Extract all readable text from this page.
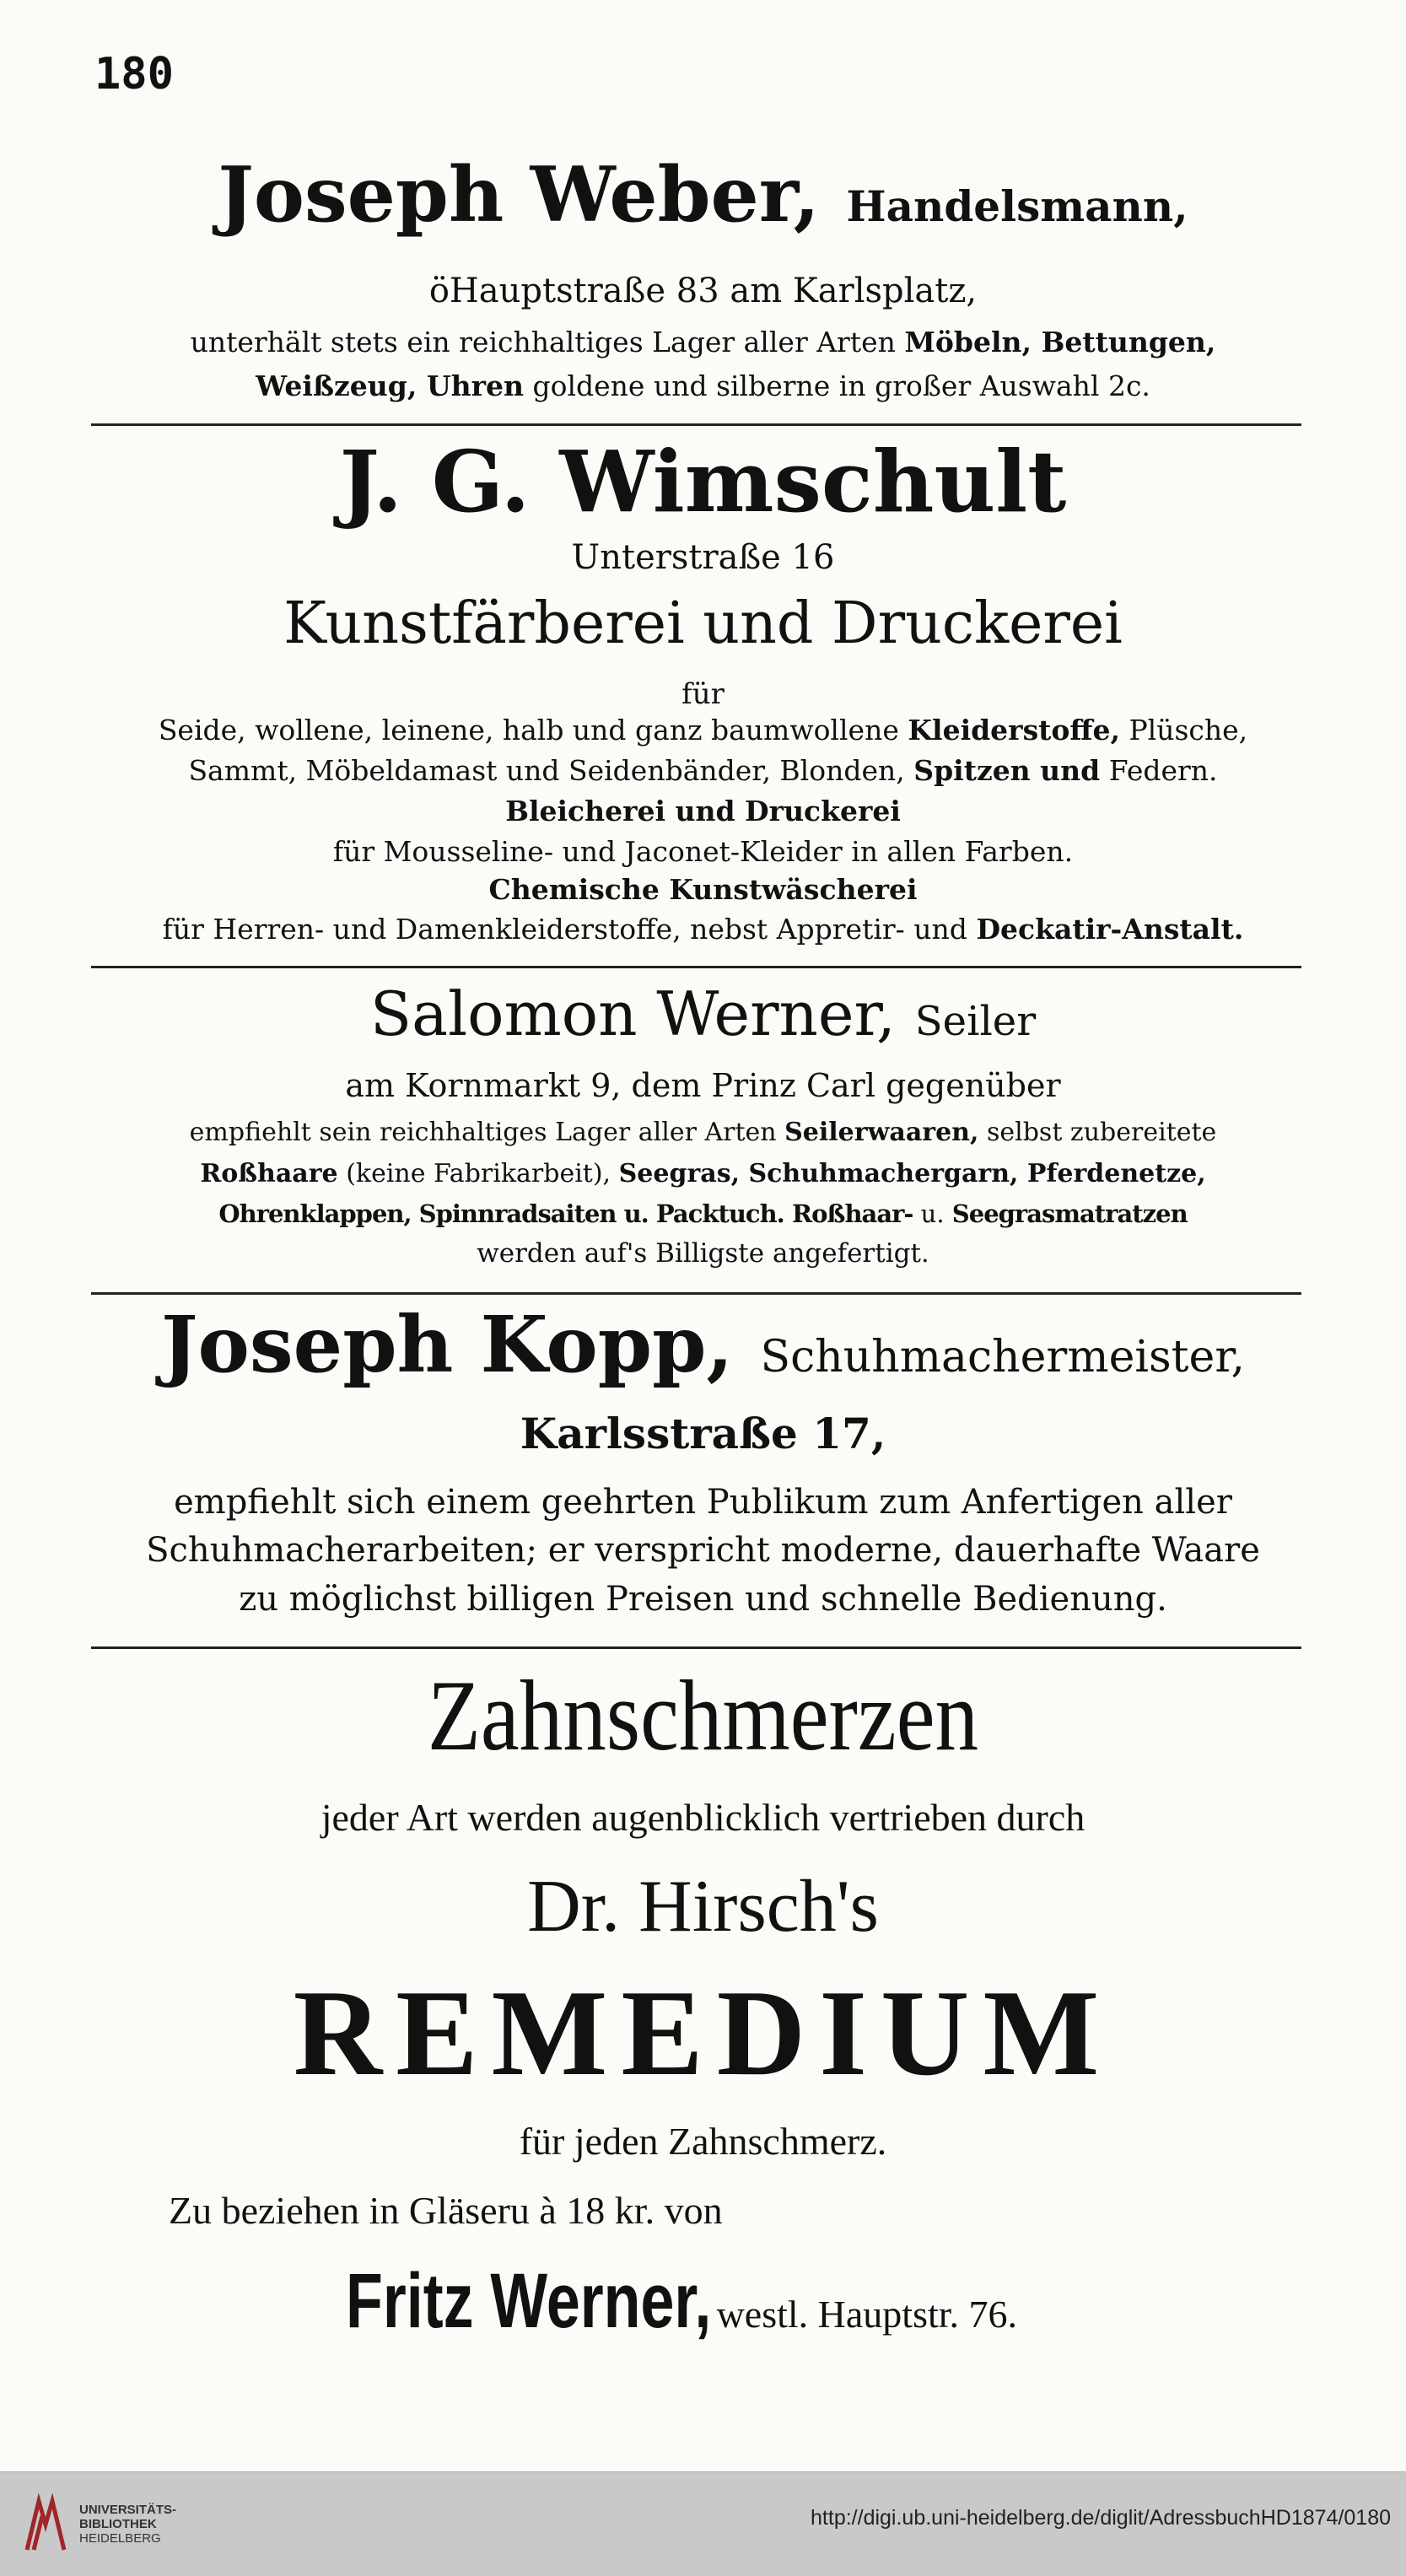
180
Joseph Weber, Handelsmann,
öHauptstraße 83 am Karlsplatz,
unterhält stets ein reichhaltiges Lager aller Arten Möbeln, Bettungen,
Weißzeug, Uhren goldene und silberne in großer Auswahl 2c.
J. G. Wimschult
Unterstraße 16
Kunstfärberei und Druckerei
für
Seide, wollene, leinene, halb und ganz baumwollene Kleiderstoffe, Plüsche,
Sammt, Möbeldamast und Seidenbänder, Blonden, Spitzen und Federn.
Bleicherei und Druckerei
für Mousseline- und Jaconet-Kleider in allen Farben.
Chemische Kunstwäscherei
für Herren- und Damenkleiderstoffe, nebst Appretir- und Deckatir-Anstalt.
Salomon Werner, Seiler
am Kornmarkt 9, dem Prinz Carl gegenüber
empfiehlt sein reichhaltiges Lager aller Arten Seilerwaaren, selbst zubereitete
Roßhaare (keine Fabrikarbeit), Seegras, Schuhmachergarn, Pferdenetze,
Ohrenklappen, Spinnradsaiten u. Packtuch. Roßhaar- u. Seegrasmatratzen
werden auf's Billigste angefertigt.
Joseph Kopp, Schuhmachermeister,
Karlsstraße 17,
empfiehlt sich einem geehrten Publikum zum Anfertigen aller
Schuhmacherarbeiten; er verspricht moderne, dauerhafte Waare
zu möglichst billigen Preisen und schnelle Bedienung.
Zahnschmerzen
jeder Art werden augenblicklich vertrieben durch
Dr. Hirsch's
REMEDIUM
für jeden Zahnschmerz.
Zu beziehen in Gläseru à 18 kr. von
Fritz Werner, westl. Hauptstr. 76.
UNIVERSITÄTS-
BIBLIOTHEK
HEIDELBERG
http://digi.ub.uni-heidelberg.de/diglit/AdressbuchHD1874/0180
